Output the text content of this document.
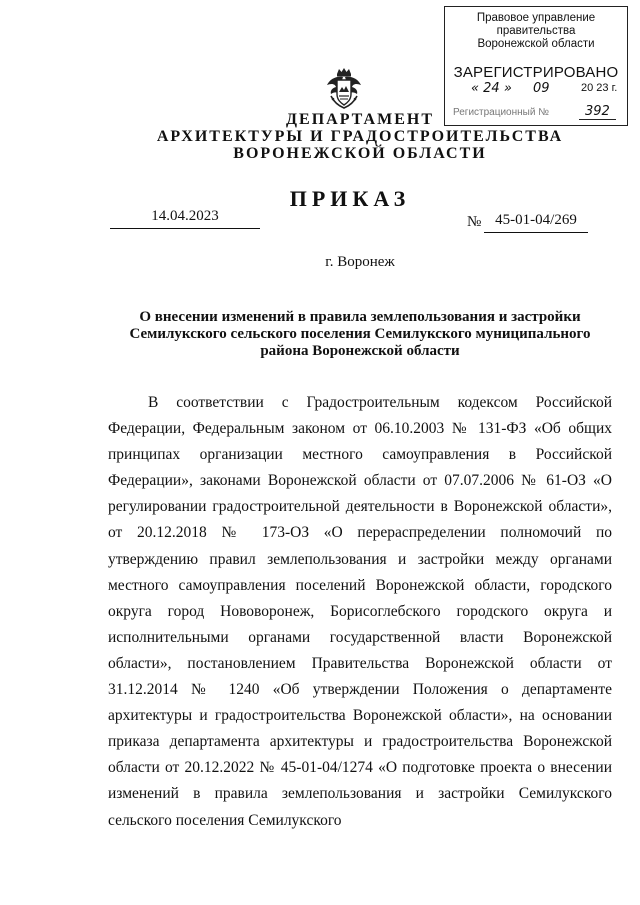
Правовое управление правительства
Воронежской области
ЗАРЕГИСТРИРОВАНО
« 24 » 09	20 23 г.
Регистрационный №	392
ДЕПАРТАМЕНТ
АРХИТЕКТУРЫ И ГРАДОСТРОИТЕЛЬСТВА
ВОРОНЕЖСКОЙ ОБЛАСТИ
ПРИКАЗ
14.04.2023	№ 45-01-04/269
г. Воронеж
О внесении изменений в правила землепользования и застройки
Семилукского сельского поселения Семилукского муниципального
района Воронежской области

В соответствии с Градостроительным кодексом Российской Федерации, Федеральным законом от 06.10.2003 № 131-ФЗ «Об общих принципах организации местного самоуправления в Российской Федерации», законами Воронежской области от 07.07.2006 № 61-ОЗ «О регулировании градостроительной деятельности в Воронежской области», от 20.12.2018 № 173-ОЗ «О перераспределении полномочий по утверждению правил землепользования и застройки между органами местного самоуправления поселений Воронежской области, городского округа город Нововоронеж, Борисоглебского городского округа и исполнительными органами государственной власти Воронежской области», постановлением Правительства Воронежской области от 31.12.2014 № 1240 «Об утверждении Положения о департаменте архитектуры и градостроительства Воронежской области», на основании приказа департамента архитектуры и градостроительства Воронежской области от 20.12.2022 № 45-01-04/1274 «О подготовке проекта о внесении изменений в правила землепользования и застройки Семилукского сельского поселения Семилукского
